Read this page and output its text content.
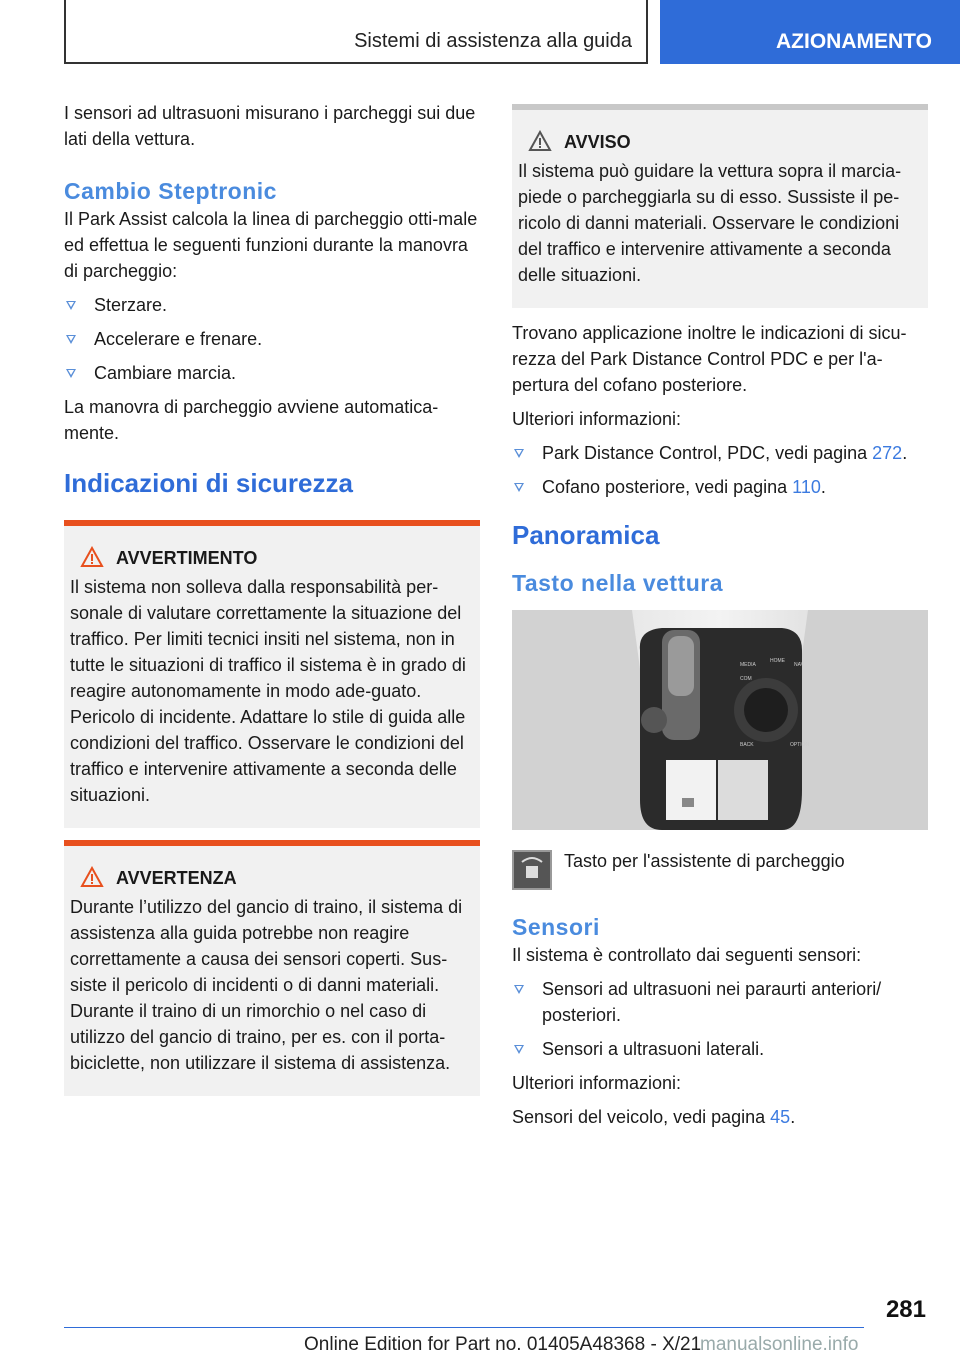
Sistemi di assistenza alla guida	AZIONAMENTO

I sensori ad ultrasuoni misurano i parcheggi sui due lati della vettura.

Cambio Steptronic

Il Park Assist calcola la linea di parcheggio otti-male ed effettua le seguenti funzioni durante la manovra di parcheggio:

Sterzare.
Accelerare e frenare.
Cambiare marcia.

La manovra di parcheggio avviene automatica-mente.

Indicazioni di sicurezza
AVVERTIMENTO

Il sistema non solleva dalla responsabilità per-sonale di valutare correttamente la situazione del traffico. Per limiti tecnici insiti nel sistema, non in tutte le situazioni di traffico il sistema è in grado di reagire autonomamente in modo ade-guato. Pericolo di incidente. Adattare lo stile di guida alle condizioni del traffico. Osservare le condizioni del traffico e intervenire attivamente a seconda delle situazioni.

AVVERTENZA

Durante l’utilizzo del gancio di traino, il sistema di assistenza alla guida potrebbe non reagire correttamente a causa dei sensori coperti. Sus-siste il pericolo di incidenti o di danni materiali. Durante il traino di un rimorchio o nel caso di utilizzo del gancio di traino, per es. con il porta-biciclette, non utilizzare il sistema di assistenza.

AVVISO

Il sistema può guidare la vettura sopra il marcia-piede o parcheggiarla su di esso. Sussiste il pe-ricolo di danni materiali. Osservare le condizioni del traffico e intervenire attivamente a seconda delle situazioni.

Trovano applicazione inoltre le indicazioni di sicu-rezza del Park Distance Control PDC e per l'a-pertura del cofano posteriore.

Ulteriori informazioni:

Park Distance Control, PDC, vedi pagina 272.
Cofano posteriore, vedi pagina 110.
Panoramica
Tasto nella vettura
MEDIA
HOME
NAV
COM
BACK	OPTION
Tasto per l'assistente di parcheggio
Sensori

Il sistema è controllato dai seguenti sensori:

Sensori ad ultrasuoni nei paraurti anteriori/ posteriori.
Sensori a ultrasuoni laterali.

Ulteriori informazioni:

Sensori del veicolo, vedi pagina 45.

281
Online Edition for Part no. 01405A48368 - X/21
manualsonline.info
